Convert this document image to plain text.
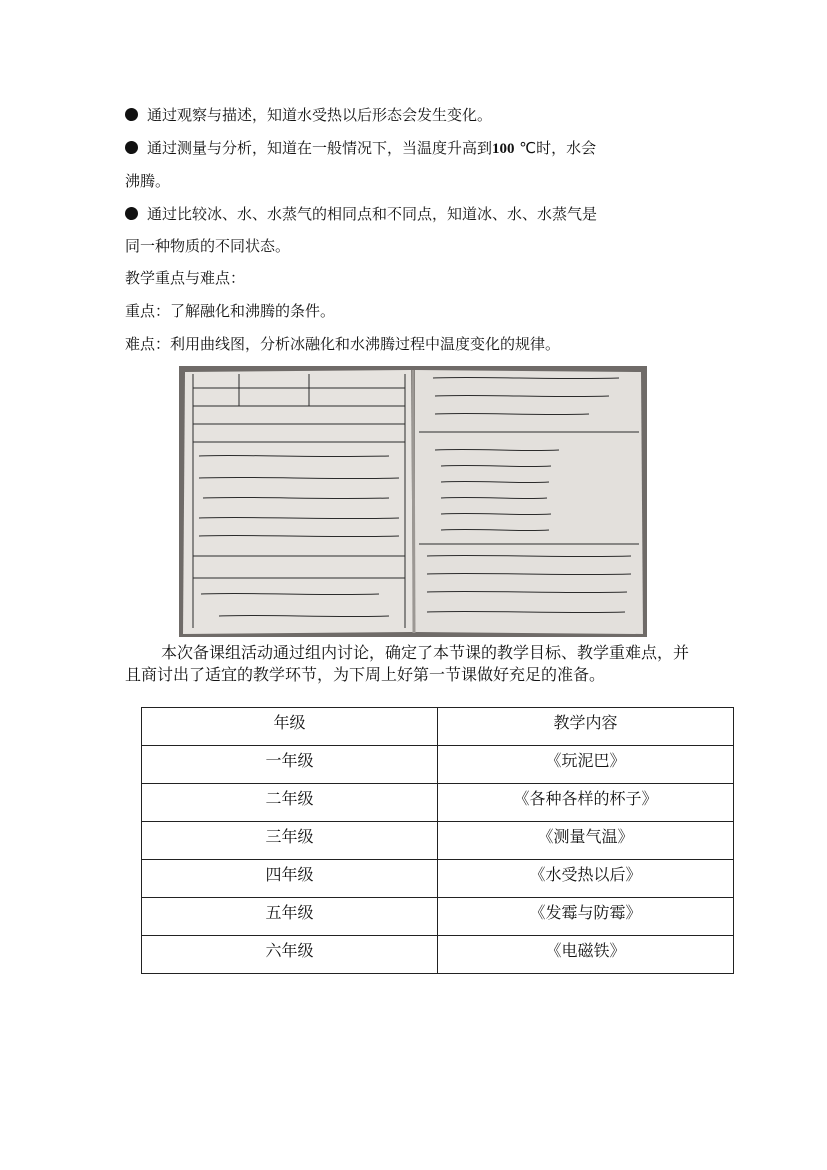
通过观察与描述，知道水受热以后形态会发生变化。
通过测量与分析，知道在一般情况下，当温度升高到100 ℃时，水会
沸腾。
通过比较冰、水、水蒸气的相同点和不同点，知道冰、水、水蒸气是
同一种物质的不同状态。
教学重点与难点：
重点：了解融化和沸腾的条件。
难点：利用曲线图，分析冰融化和水沸腾过程中温度变化的规律。
本次备课组活动通过组内讨论，确定了本节课的教学目标、教学重难点，并
且商讨出了适宜的教学环节，为下周上好第一节课做好充足的准备。
年级	教学内容
一年级	《玩泥巴》
二年级	《各种各样的杯子》
三年级	《测量气温》
四年级	《水受热以后》
五年级	《发霉与防霉》
六年级	《电磁铁》
